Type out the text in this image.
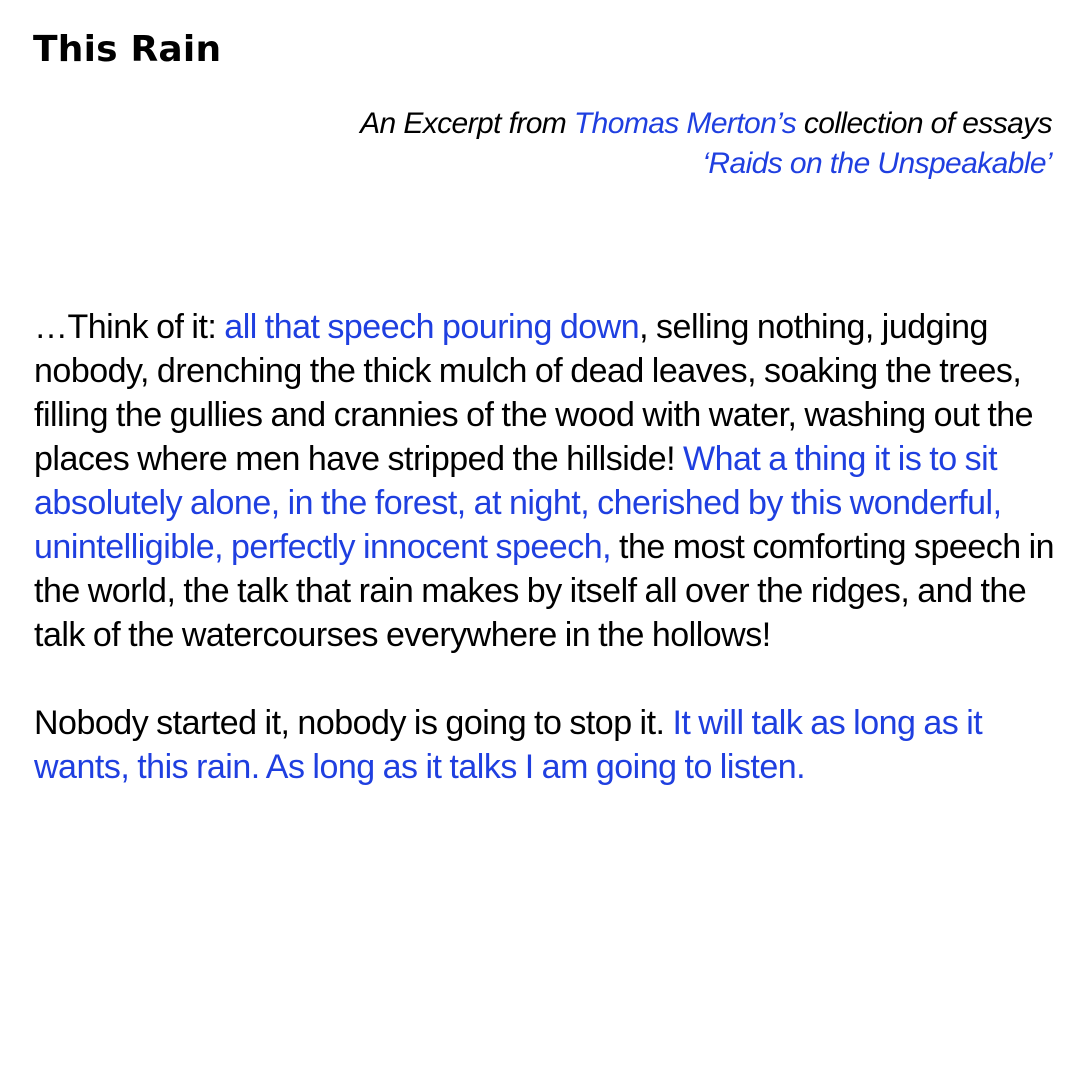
This Rain
An Excerpt from Thomas Merton’s collection of essays
‘Raids on the Unspeakable’

…Think of it: all that speech pouring down, selling nothing, judging nobody, drenching the thick mulch of dead leaves, soaking the trees, filling the gullies and crannies of the wood with water, washing out the places where men have stripped the hillside! What a thing it is to sit absolutely alone, in the forest, at night, cherished by this wonderful, unintelligible, perfectly innocent speech, the most comforting speech in the world, the talk that rain makes by itself all over the ridges, and the talk of the watercourses everywhere in the hollows!

Nobody started it, nobody is going to stop it. It will talk as long as it wants, this rain. As long as it talks I am going to listen.
